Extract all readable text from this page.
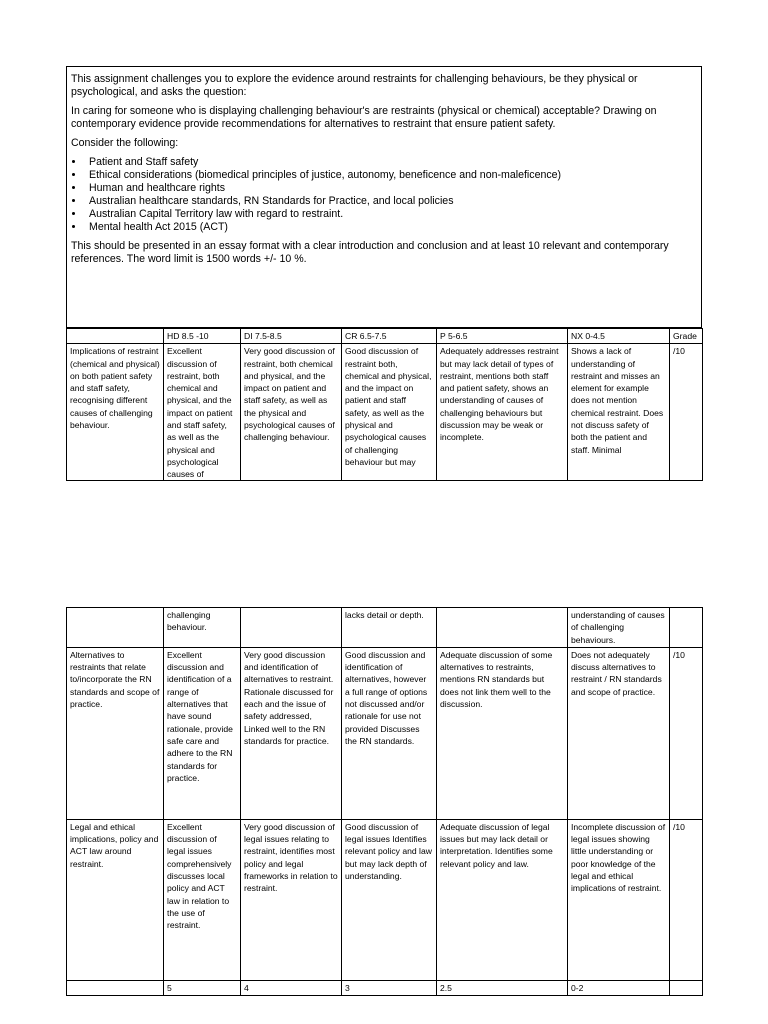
This assignment challenges you to explore the evidence around restraints for challenging behaviours, be they physical or psychological, and asks the question:

In caring for someone who is displaying challenging behaviour's are restraints (physical or chemical) acceptable? Drawing on contemporary evidence provide recommendations for alternatives to restraint that ensure patient safety.

Consider the following:

• Patient and Staff safety
• Ethical considerations (biomedical principles of justice, autonomy, beneficence and non-maleficence)
• Human and healthcare rights
• Australian healthcare standards, RN Standards for Practice, and local policies
• Australian Capital Territory law with regard to restraint.
• Mental health Act 2015 (ACT)

This should be presented in an essay format with a clear introduction and conclusion and at least 10 relevant and contemporary references. The word limit is 1500 words +/- 10 %.

	HD 8.5 -10	DI 7.5-8.5	CR 6.5-7.5	P 5-6.5	NX 0-4.5	Grade
Implications of restraint (chemical and physical) on both patient safety and staff safety, recognising different causes of challenging behaviour.	Excellent discussion of restraint, both chemical and physical, and the impact on patient and staff safety, as well as the physical and psychological causes of	Very good discussion of restraint, both chemical and physical, and the impact on patient and staff safety, as well as the physical and psychological causes of challenging behaviour.	Good discussion of restraint both, chemical and physical, and the impact on patient and staff safety, as well as the physical and psychological causes of challenging behaviour but may	Adequately addresses restraint but may lack detail of types of restraint, mentions both staff and patient safety, shows an understanding of causes of challenging behaviours but discussion may be weak or incomplete.	Shows a lack of understanding of restraint and misses an element for example does not mention chemical restraint. Does not discuss safety of both the patient and staff. Minimal	/10
	challenging behaviour.		lacks detail or depth.		understanding of causes of challenging behaviours.	
Alternatives to restraints that relate to/incorporate the RN standards and scope of practice.	Excellent discussion and identification of a range of alternatives that have sound rationale, provide safe care and adhere to the RN standards for practice.	Very good discussion and identification of alternatives to restraint. Rationale discussed for each and the issue of safety addressed, Linked well to the RN standards for practice.	Good discussion and identification of alternatives, however a full range of options not discussed and/or rationale for use not provided Discusses the RN standards.	Adequate discussion of some alternatives to restraints, mentions RN standards but does not link them well to the discussion.	Does not adequately discuss alternatives to restraint / RN standards and scope of practice.	/10
Legal and ethical implications, policy and ACT law around restraint.	Excellent discussion of legal issues comprehensively discusses local policy and ACT law in relation to the use of restraint.	Very good discussion of legal issues relating to restraint, identifies most policy and legal frameworks in relation to restraint.	Good discussion of legal issues Identifies relevant policy and law but may lack depth of understanding.	Adequate discussion of legal issues but may lack detail or interpretation. Identifies some relevant policy and law.	Incomplete discussion of legal issues showing little understanding or poor knowledge of the legal and ethical implications of restraint.	/10
	5	4	3	2.5	0-2	
